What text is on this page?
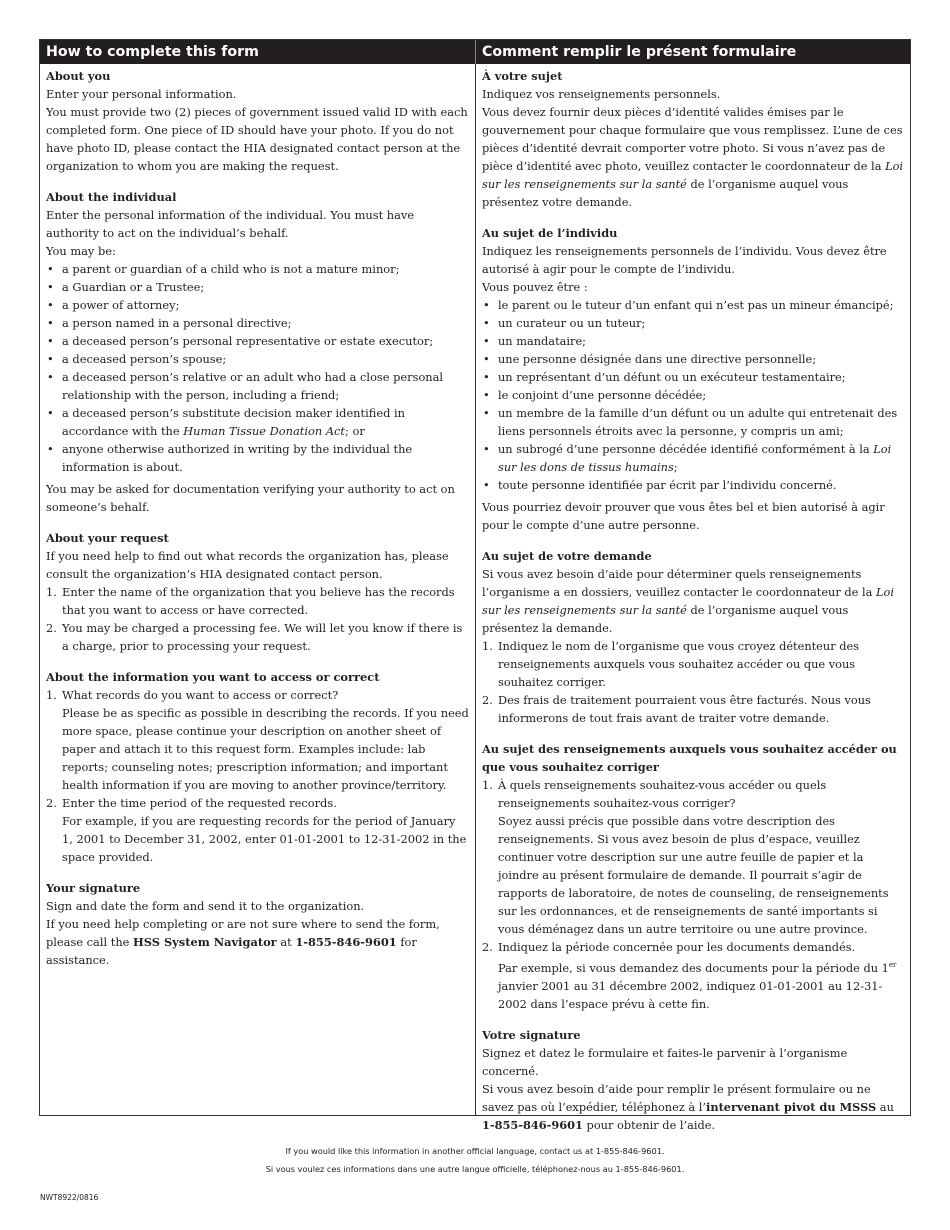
How to complete this form	Comment remplir le présent formulaire
About you

Enter your personal information.

You must provide two (2) pieces of government issued valid ID with each completed form. One piece of ID should have your photo. If you do not have photo ID, please contact the HIA designated contact person at the organization to whom you are making the request.

About the individual

Enter the personal information of the individual. You must have authority to act on the individual’s behalf.

You may be:

• a parent or guardian of a child who is not a mature minor;
• a Guardian or a Trustee;
• a power of attorney;
• a person named in a personal directive;
• a deceased person’s personal representative or estate executor;
• a deceased person’s spouse;
• a deceased person’s relative or an adult who had a close personal relationship with the person, including a friend;
• a deceased person’s substitute decision maker identified in accordance with the Human Tissue Donation Act; or
• anyone otherwise authorized in writing by the individual the information is about.

You may be asked for documentation verifying your authority to act on someone’s behalf.

About your request

If you need help to find out what records the organization has, please consult the organization’s HIA designated contact person.

1. Enter the name of the organization that you believe has the records that you want to access or have corrected.
2. You may be charged a processing fee. We will let you know if there is a charge, prior to processing your request.
About the information you want to access or correct
1. What records do you want to access or correct?
Please be as specific as possible in describing the records. If you need more space, please continue your description on another sheet of paper and attach it to this request form. Examples include: lab reports; counseling notes; prescription information; and important health information if you are moving to another province/territory.
2. Enter the time period of the requested records.
For example, if you are requesting records for the period of January 1, 2001 to December 31, 2002, enter 01-01-2001 to 12-31-2002 in the space provided.
Your signature

Sign and date the form and send it to the organization.

If you need help completing or are not sure where to send the form, please call the HSS System Navigator at 1-855-846-9601 for assistance.

À votre sujet

Indiquez vos renseignements personnels.

Vous devez fournir deux pièces d’identité valides émises par le gouvernement pour chaque formulaire que vous remplissez. L’une de ces pièces d’identité devrait comporter votre photo. Si vous n’avez pas de pièce d’identité avec photo, veuillez contacter le coordonnateur de la Loi sur les renseignements sur la santé de l’organisme auquel vous présentez votre demande.

Au sujet de l’individu

Indiquez les renseignements personnels de l’individu. Vous devez être autorisé à agir pour le compte de l’individu.

Vous pouvez être :

• le parent ou le tuteur d’un enfant qui n’est pas un mineur émancipé;
• un curateur ou un tuteur;
• un mandataire;
• une personne désignée dans une directive personnelle;
• un représentant d’un défunt ou un exécuteur testamentaire;
• le conjoint d’une personne décédée;
• un membre de la famille d’un défunt ou un adulte qui entretenait des liens personnels étroits avec la personne, y compris un ami;
• un subrogé d’une personne décédée identifié conformément à la Loi sur les dons de tissus humains;
• toute personne identifiée par écrit par l’individu concerné.

Vous pourriez devoir prouver que vous êtes bel et bien autorisé à agir pour le compte d’une autre personne.

Au sujet de votre demande

Si vous avez besoin d’aide pour déterminer quels renseignements l’organisme a en dossiers, veuillez contacter le coordonnateur de la Loi sur les renseignements sur la santé de l’organisme auquel vous présentez la demande.

1. Indiquez le nom de l’organisme que vous croyez détenteur des renseignements auxquels vous souhaitez accéder ou que vous souhaitez corriger.
2. Des frais de traitement pourraient vous être facturés. Nous vous informerons de tout frais avant de traiter votre demande.
Au sujet des renseignements auxquels vous souhaitez accéder ou que vous souhaitez corriger
1. À quels renseignements souhaitez-vous accéder ou quels renseignements souhaitez-vous corriger?
Soyez aussi précis que possible dans votre description des renseignements. Si vous avez besoin de plus d’espace, veuillez continuer votre description sur une autre feuille de papier et la joindre au présent formulaire de demande. Il pourrait s’agir de rapports de laboratoire, de notes de counseling, de renseignements sur les ordonnances, et de renseignements de santé importants si vous déménagez dans un autre territoire ou une autre province.
2. Indiquez la période concernée pour les documents demandés.
Par exemple, si vous demandez des documents pour la période du 1er janvier 2001 au 31 décembre 2002, indiquez 01-01-2001 au 12-31-2002 dans l’espace prévu à cette fin.
Votre signature

Signez et datez le formulaire et faites-le parvenir à l’organisme concerné.

Si vous avez besoin d’aide pour remplir le présent formulaire ou ne savez pas où l’expédier, téléphonez à l’intervenant pivot du MSSS au 1-855-846-9601 pour obtenir de l’aide.

If you would like this information in another official language, contact us at 1-855-846-9601.
Si vous voulez ces informations dans une autre langue officielle, téléphonez-nous au 1-855-846-9601.
NWT8922/0816
